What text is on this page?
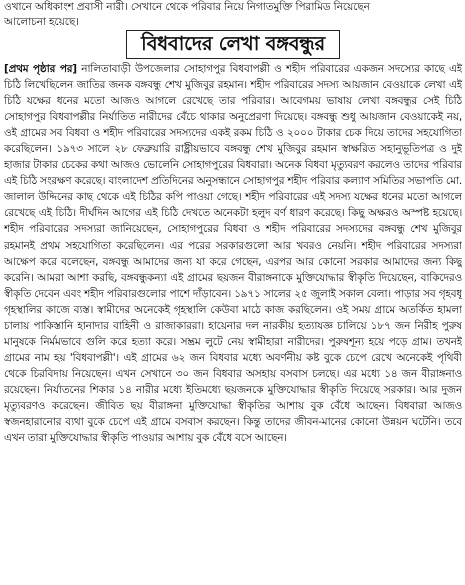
ওখানে অধিকাংশ প্রবাসী নারী। সেখানে থেকে পরিবার নিয়ে নিগাতমুক্তি পিরামিড নিয়েছেন
আলোচনা হয়েছে।
বিধবাদের লেখা বঙ্গবন্ধুর
[প্রথম পৃষ্ঠার পর] নালিতাবাড়ী উপজেলার সোহাগপুর বিধবাপল্লী ও শহীদ পরিবারের একজন সদস্যের কাছে এই চিঠি লিখেছিলেন জাতির জনক বঙ্গবন্ধু শেখ মুজিবুর রহমান। শহীদ পরিবারের সদস্য আয়জান বেওয়াকে লেখা এই চিঠি যক্ষের ধনের মতো আজও আগলে রেখেছে তার পরিবার। আবেগময় ভাষায় লেখা বঙ্গবন্ধুর সেই চিঠি সোহাগপুর বিধবাপল্লীর নির্যাতিত নারীদের বেঁচে থাকার অনুপ্রেরণা দিয়েছে। বঙ্গবন্ধু শুধু আয়জান বেওয়াকেই নয়, ওই গ্রামের সব বিধবা ও শহীদ পরিবারের সদস্যদের একই রকম চিঠি ও ২০০০ টাকার চেক দিয়ে তাদের সহযোগিতা করেছিলেন। ১৯৭৩ সালে ২৮ ফেব্রুয়ারি রাষ্ট্রীয়ভাবে বঙ্গবন্ধু শেখ মুজিবুর রহমান স্বাক্ষরিত সহানুভূতিপত্র ও দুই হাজার টাকার চেকের কথা আজও ভোলেনি সোহাগপুরের বিধবারা। অনেক বিধবা মৃত্যুবরণ করলেও তাদের পরিবার এই চিঠি সংরক্ষণ করেছে। বাংলাদেশ প্রতিদিনের অনুসন্ধানে সোহাগপুর শহীদ পরিবার কল্যাণ সমিতির সভাপতি মো. জালাল উদ্দিনের কাছ থেকে এই চিঠির কপি পাওয়া গেছে। শহীদ পরিবারের এই সদস্য যক্ষের ধনের মতো আগলে রেখেছে এই চিঠি। দীর্ঘদিন আগের এই চিঠি দেখতে অনেকটা হলুদ বর্ণ ধারণ করেছে। কিছু অক্ষরও অস্পষ্ট হয়েছে। শহীদ পরিবারের সদস্যরা জানিয়েছেন, সোহাগপুরের বিধবা ও শহীদ পরিবারের সদস্যদের বঙ্গবন্ধু শেখ মুজিবুর রহমানই প্রথম সহযোগিতা করেছিলেন। এর পরের সরকারগুলো আর খবরও নেয়নি। শহীদ পরিবারের সদস্যরা আক্ষেপ করে বলেছেন, বঙ্গবন্ধু আমাদের জন্য যা করে গেছেন, এরপর আর কোনো সরকার আমাদের জন্য কিছু করেনি। আমরা আশা করছি, বঙ্গবন্ধুকন্যা এই গ্রামের ছয়জন বীরাঙ্গনাকে মুক্তিযোদ্ধার স্বীকৃতি দিয়েছেন, বাকিদেরও স্বীকৃতি দেবেন এবং শহীদ পরিবারগুলোর পাশে দাঁড়াবেন। ১৯৭১ সালের ২৫ জুলাই সকাল বেলা। পাড়ার সব গৃহবধূ গৃহস্থালির কাজে ব্যস্ত। স্বামীদের অনেকেই গৃহস্থালি কেউবা মাঠে কাজ করছিলেন। ওই সময় গ্রামে অতর্কিত হামলা চালায় পাকিস্তানি হানাদার বাহিনী ও রাজাকাররা। হায়েনার দল নারকীয় হত্যাযজ্ঞ চালিয়ে ১৮৭ জন নিরীহ পুরুষ মানুষকে নির্মমভাবে গুলি করে হত্যা করে। সম্ভ্রম লুটে নেয় স্বামীহারা নারীদের। পুরুষশূন্য হয়ে পড়ে গ্রাম। তখনই গ্রামের নাম হয় 'বিধবাপল্লী'। এই গ্রামের ৬২ জন বিধবার মধ্যে অবর্ণনীয় কষ্ট বুকে চেপে রেখে অনেকেই পৃথিবী থেকে চিরবিদায় নিয়েছেন। এখন সেখানে ৩০ জন বিধবার অসহায় বসবাস চলছে। এর মধ্যে ১৪ জন বীরাঙ্গনাও রয়েছেন। নির্যাতনের শিকার ১৪ নারীর মধ্যে ইতিমধ্যে ছয়জনকে মুক্তিযোদ্ধার স্বীকৃতি দিয়েছে সরকার। আর দুজন মৃত্যুবরণও করেছেন। জীবিত ছয় বীরাঙ্গনা মুক্তিযোদ্ধা স্বীকৃতির আশায় বুক বেঁধে আছেন। বিধবারা আজও স্বজনহারানোর ব্যথা বুকে চেপে এই গ্রামে বসবাস করছেন। কিন্তু তাদের জীবন-মানের কোনো উন্নয়ন ঘটেনি। তবে এখন তারা মুক্তিযোদ্ধার স্বীকৃতি পাওয়ার আশায় বুক বেঁধে বসে আছেন।
